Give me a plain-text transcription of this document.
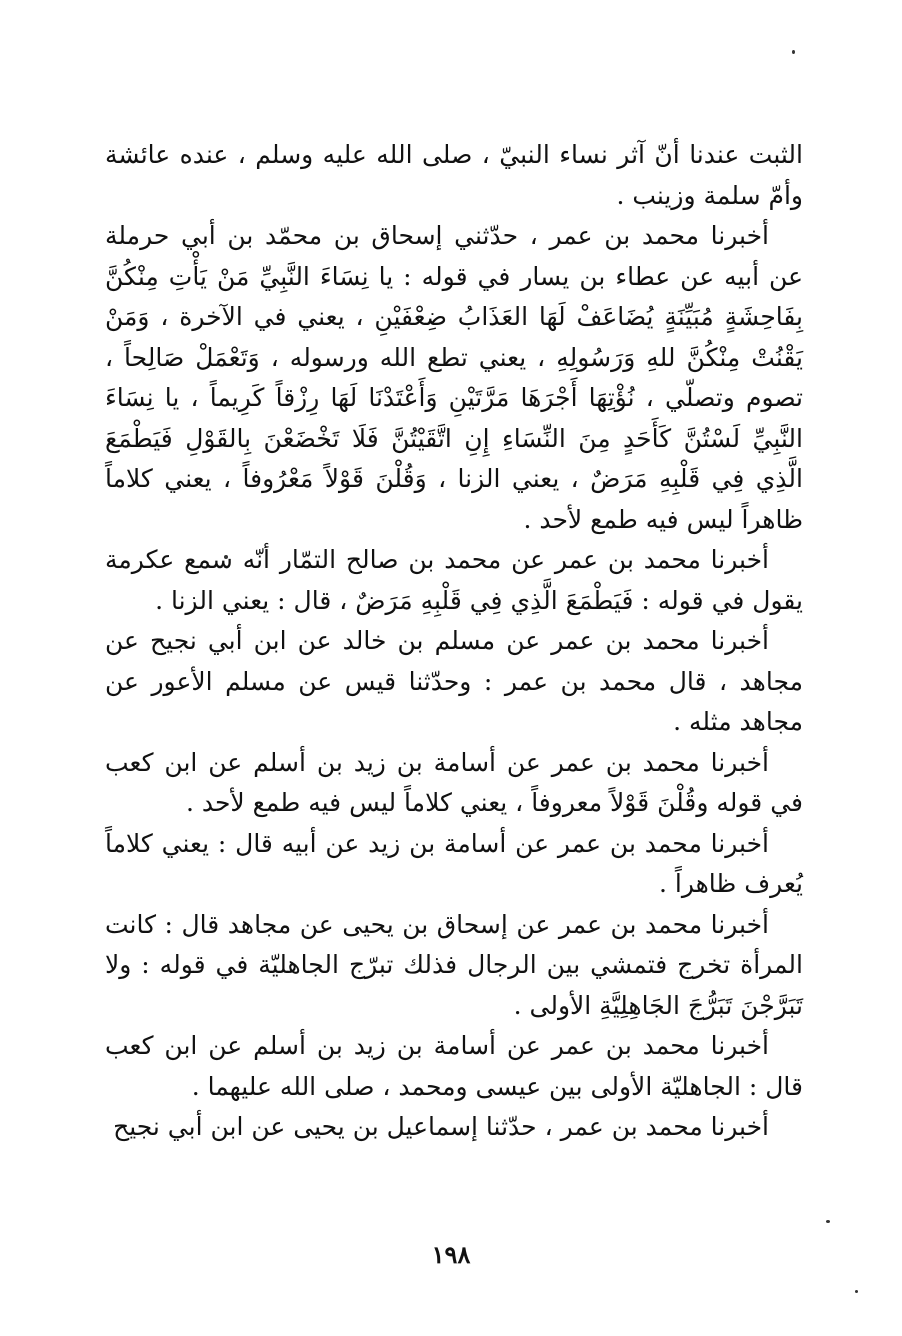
الثبت عندنا أنّ آثر نساء النبيّ ، صلى الله عليه وسلم ، عنده عائشة وأمّ سلمة وزينب .

أخبرنا محمد بن عمر ، حدّثني إسحاق بن محمّد بن أبي حرملة عن أبيه عن عطاء بن يسار في قوله : يا نِسَاءَ النَّبِيِّ مَنْ يَأْتِ مِنْكُنَّ بِفَاحِشَةٍ مُبَيِّنَةٍ يُضَاعَفْ لَهَا العَذَابُ ضِعْفَيْنِ ، يعني في الآخرة ، وَمَنْ يَقْنُتْ مِنْكُنَّ للهِ وَرَسُولِهِ ، يعني تطع الله ورسوله ، وَتَعْمَلْ صَالِحاً ، تصوم وتصلّي ، نُؤْتِهَا أَجْرَهَا مَرَّتَيْنِ وَأَعْتَدْنَا لَهَا رِزْقاً كَرِيماً ، يا نِسَاءَ النَّبِيِّ لَسْتُنَّ كَأَحَدٍ مِنَ النِّسَاءِ إِنِ اتَّقَيْتُنَّ فَلَا تَخْضَعْنَ بِالقَوْلِ فَيَطْمَعَ الَّذِي فِي قَلْبِهِ مَرَضٌ ، يعني الزنا ، وَقُلْنَ قَوْلاً مَعْرُوفاً ، يعني كلاماً ظاهراً ليس فيه طمع لأحد .

أخبرنا محمد بن عمر عن محمد بن صالح التمّار أنّه سمع عكرمة يقول في قوله : فَيَطْمَعَ الَّذِي فِي قَلْبِهِ مَرَضٌ ، قال : يعني الزنا .

أخبرنا محمد بن عمر عن مسلم بن خالد عن ابن أبي نجيح عن مجاهد ، قال محمد بن عمر : وحدّثنا قيس عن مسلم الأعور عن مجاهد مثله .

أخبرنا محمد بن عمر عن أسامة بن زيد بن أسلم عن ابن كعب في قوله وقُلْنَ قَوْلاً معروفاً ، يعني كلاماً ليس فيه طمع لأحد .

أخبرنا محمد بن عمر عن أسامة بن زيد عن أبيه قال : يعني كلاماً يُعرف ظاهراً .

أخبرنا محمد بن عمر عن إسحاق بن يحيى عن مجاهد قال : كانت المرأة تخرج فتمشي بين الرجال فذلك تبرّج الجاهليّة في قوله : ولا تَبَرَّجْنَ تَبَرُّجَ الجَاهِلِيَّةِ الأولى .

أخبرنا محمد بن عمر عن أسامة بن زيد بن أسلم عن ابن كعب قال : الجاهليّة الأولى بين عيسى ومحمد ، صلى الله عليهما .

أخبرنا محمد بن عمر ، حدّثنا إسماعيل بن يحيى عن ابن أبي نجيح

١٩٨
